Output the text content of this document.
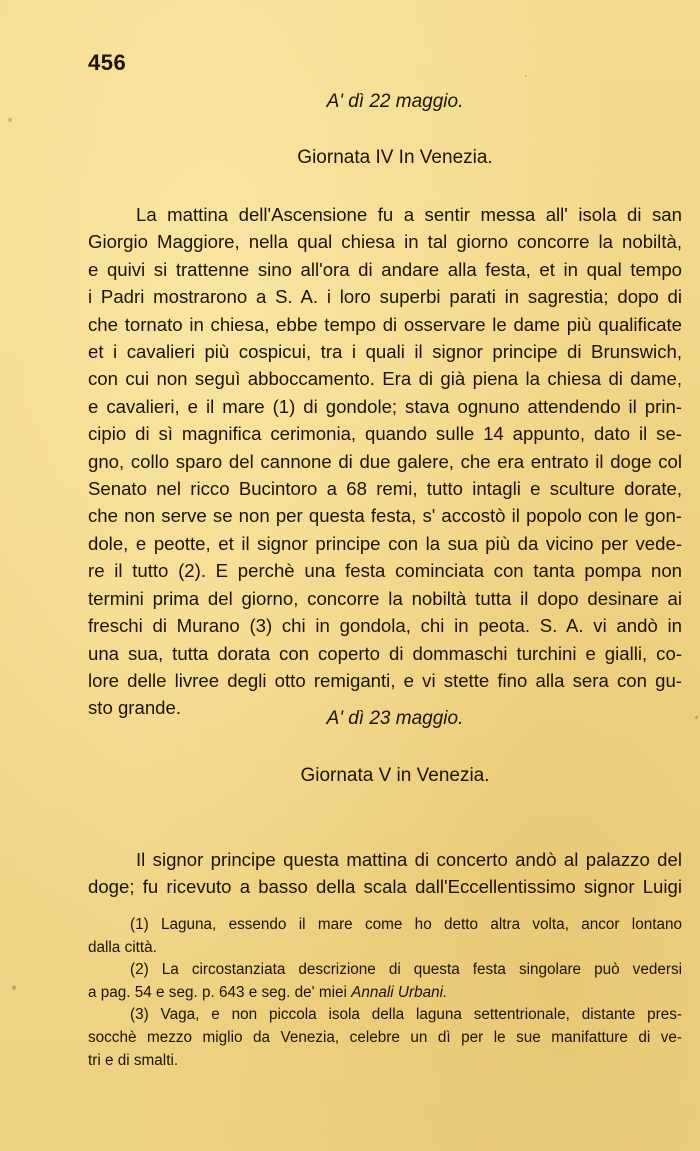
456
A' dì 22 maggio.
Giornata IV In Venezia.
La mattina dell'Ascensione fu a sentir messa all' isola di san
Giorgio Maggiore, nella qual chiesa in tal giorno concorre la nobiltà,
e quivi si trattenne sino all'ora di andare alla festa, et in qual tempo
i Padri mostrarono a S. A. i loro superbi parati in sagrestia; dopo di
che tornato in chiesa, ebbe tempo di osservare le dame più qualificate
et i cavalieri più cospicui, tra i quali il signor principe di Brunswich,
con cui non seguì abboccamento. Era di già piena la chiesa di dame,
e cavalieri, e il mare (1) di gondole; stava ognuno attendendo il prin-
cipio di sì magnifica cerimonia, quando sulle 14 appunto, dato il se-
gno, collo sparo del cannone di due galere, che era entrato il doge col
Senato nel ricco Bucintoro a 68 remi, tutto intagli e sculture dorate,
che non serve se non per questa festa, s' accostò il popolo con le gon-
dole, e peotte, et il signor principe con la sua più da vicino per vede-
re il tutto (2). E perchè una festa cominciata con tanta pompa non
termini prima del giorno, concorre la nobiltà tutta il dopo desinare ai
freschi di Murano (3) chi in gondola, chi in peota. S. A. vi andò in
una sua, tutta dorata con coperto di dommaschi turchini e gialli, co-
lore delle livree degli otto remiganti, e vi stette fino alla sera con gu-
sto grande.
A' dì 23 maggio.
Giornata V in Venezia.
Il signor principe questa mattina di concerto andò al palazzo del
doge; fu ricevuto a basso della scala dall'Eccellentissimo signor Luigi
(1) Laguna, essendo il mare come ho detto altra volta, ancor lontano
dalla città.
(2) La circostanziata descrizione di questa festa singolare può vedersi
a pag. 54 e seg. p. 643 e seg. de' miei Annali Urbani.
(3) Vaga, e non piccola isola della laguna settentrionale, distante pres-
socchè mezzo miglio da Venezia, celebre un dì per le sue manifatture di ve-
tri e di smalti.
